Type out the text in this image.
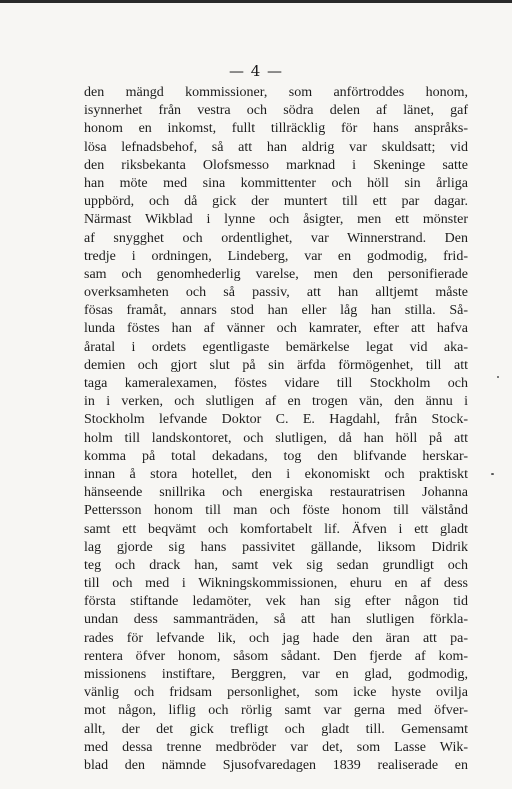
— 4 —
den mängd kommissioner, som anförtroddes honom,
isynnerhet från vestra och södra delen af länet, gaf
honom en inkomst, fullt tillräcklig för hans anspråks-
lösa lefnadsbehof, så att han aldrig var skuldsatt; vid
den riksbekanta Olofsmesso marknad i Skeninge satte
han möte med sina kommittenter och höll sin årliga
uppbörd, och då gick der muntert till ett par dagar.
Närmast Wikblad i lynne och åsigter, men ett mönster
af snygghet och ordentlighet, var Winnerstrand. Den
tredje i ordningen, Lindeberg, var en godmodig, frid-
sam och genomhederlig varelse, men den personifierade
overksamheten och så passiv, att han alltjemt måste
fösas framåt, annars stod han eller låg han stilla. Så-
lunda föstes han af vänner och kamrater, efter att hafva
åratal i ordets egentligaste bemärkelse legat vid aka-
demien och gjort slut på sin ärfda förmögenhet, till att
taga kameralexamen, föstes vidare till Stockholm och
in i verken, och slutligen af en trogen vän, den ännu i
Stockholm lefvande Doktor C. E. Hagdahl, från Stock-
holm till landskontoret, och slutligen, då han höll på att
komma på total dekadans, tog den blifvande herskar-
innan å stora hotellet, den i ekonomiskt och praktiskt
hänseende snillrika och energiska restauratrisen Johanna
Pettersson honom till man och föste honom till välstånd
samt ett beqvämt och komfortabelt lif. Äfven i ett gladt
lag gjorde sig hans passivitet gällande, liksom Didrik
teg och drack han, samt vek sig sedan grundligt och
till och med i Wikningskommissionen, ehuru en af dess
första stiftande ledamöter, vek han sig efter någon tid
undan dess sammanträden, så att han slutligen förkla-
rades för lefvande lik, och jag hade den äran att pa-
rentera öfver honom, såsom sådant. Den fjerde af kom-
missionens instiftare, Berggren, var en glad, godmodig,
vänlig och fridsam personlighet, som icke hyste ovilja
mot någon, liflig och rörlig samt var gerna med öfver-
allt, der det gick trefligt och gladt till. Gemensamt
med dessa trenne medbröder var det, som Lasse Wik-
blad den nämnde Sjusofvaredagen 1839 realiserade en
